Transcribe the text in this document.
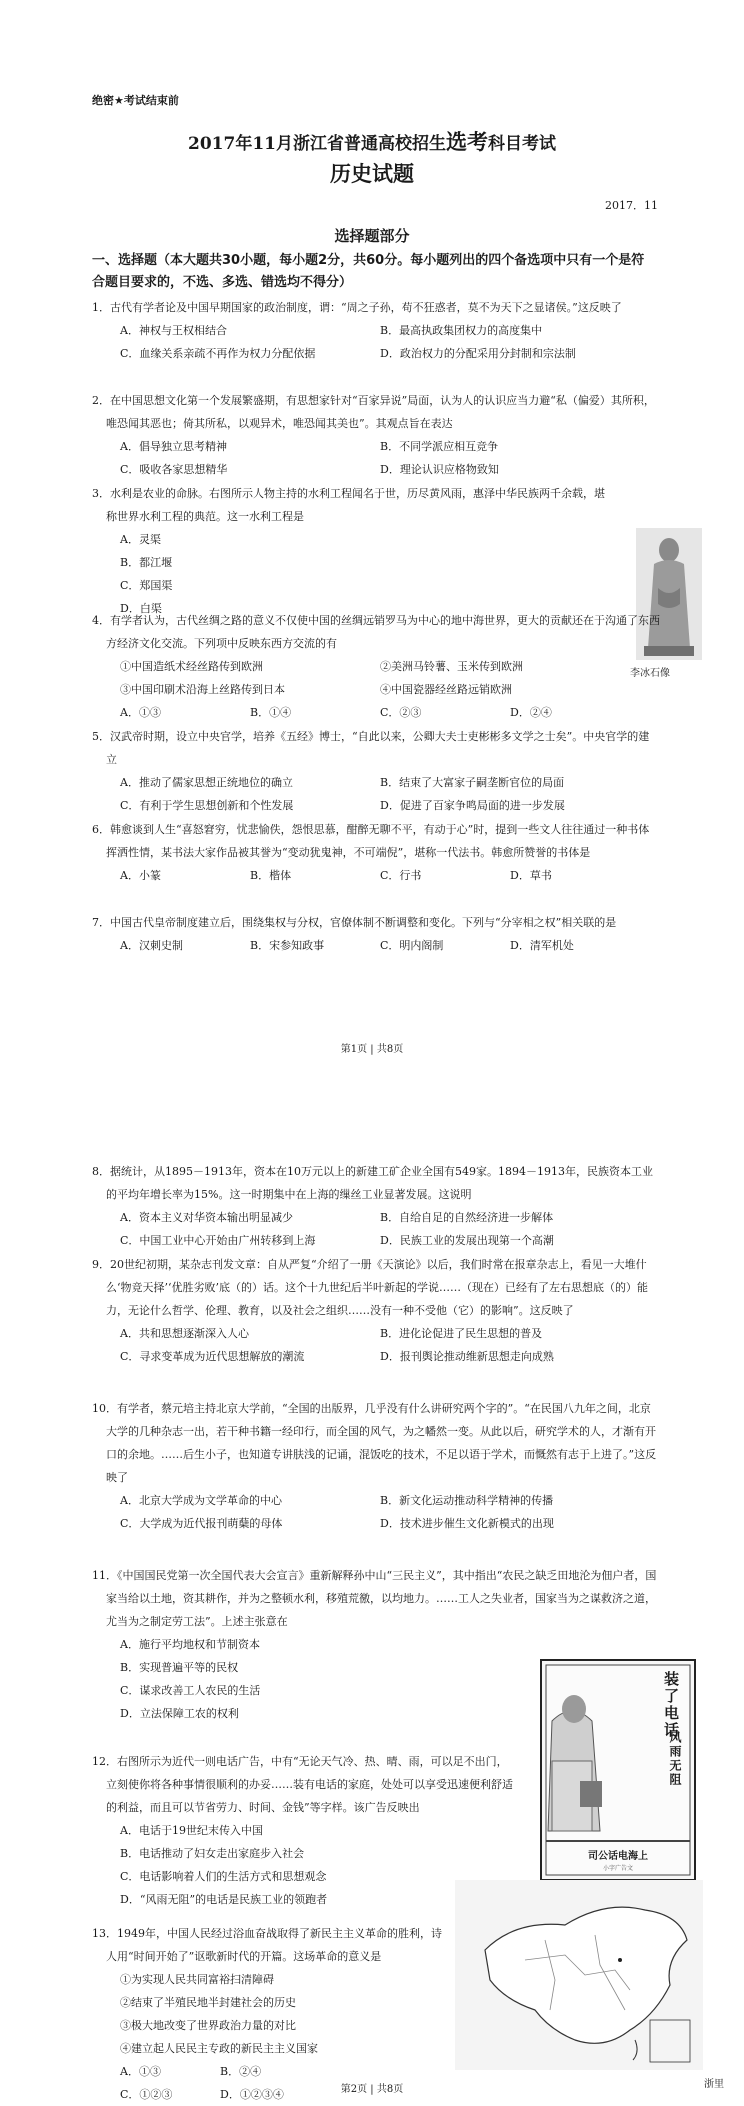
绝密★考试结束前
2017年11月浙江省普通高校招生选考科目考试
历史试题
2017．11
选择题部分
一、选择题（本大题共30小题，每小题2分，共60分。每小题列出的四个备选项中只有一个是符合题目要求的，不选、多选、错选均不得分）

1．古代有学者论及中国早期国家的政治制度，谓：“周之子孙，苟不狂惑者，莫不为天下之显诸侯。”这反映了

A．神权与王权相结合	B．最高执政集团权力的高度集中
C．血缘关系亲疏不再作为权力分配依据	D．政治权力的分配采用分封制和宗法制

2．在中国思想文化第一个发展繁盛期，有思想家针对“百家异说”局面，认为人的认识应当力避“私（偏爱）其所积，唯恐闻其恶也；倚其所私，以观异术，唯恐闻其美也”。其观点旨在表达

A．倡导独立思考精神	B．不同学派应相互竞争
C．吸收各家思想精华	D．理论认识应格物致知

3．水利是农业的命脉。右图所示人物主持的水利工程闻名于世，历尽黄风雨，惠泽中华民族两千余载，堪称世界水利工程的典范。这一水利工程是

A．灵渠
B．都江堰
C．郑国渠
D．白渠
李冰石像

4．有学者认为，古代丝绸之路的意义不仅使中国的丝绸远销罗马为中心的地中海世界，更大的贡献还在于沟通了东西方经济文化交流。下列项中反映东西方交流的有

①中国造纸术经丝路传到欧洲	②美洲马铃薯、玉米传到欧洲
③中国印刷术沿海上丝路传到日本	④中国瓷器经丝路远销欧洲
A．①③	B．①④	C．②③	D．②④

5．汉武帝时期，设立中央官学，培养《五经》博士，“自此以来，公卿大夫士吏彬彬多文学之士矣”。中央官学的建立

A．推动了儒家思想正统地位的确立	B．结束了大富家子嗣垄断官位的局面
C．有利于学生思想创新和个性发展	D．促进了百家争鸣局面的进一步发展

6．韩愈谈到人生“喜怒窘穷，忧悲愉佚，怨恨思慕，酣醉无聊不平，有动于心”时，提到一些文人往往通过一种书体挥洒性情，某书法大家作品被其誉为“变动犹鬼神，不可端倪”，堪称一代法书。韩愈所赞誉的书体是

A．小篆	B．楷体	C．行书	D．草书

7．中国古代皇帝制度建立后，围绕集权与分权，官僚体制不断调整和变化。下列与“分宰相之权”相关联的是

A．汉刺史制	B．宋参知政事	C．明内阁制	D．清军机处
第1页 | 共8页

8．据统计，从1895－1913年，资本在10万元以上的新建工矿企业全国有549家。1894－1913年，民族资本工业的平均年增长率为15%。这一时期集中在上海的缫丝工业显著发展。这说明

A．资本主义对华资本输出明显减少	B．自给自足的自然经济进一步解体
C．中国工业中心开始由广州转移到上海	D．民族工业的发展出现第一个高潮

9．20世纪初期，某杂志刊发文章：自从严复“介绍了一册《天演论》以后，我们时常在报章杂志上，看见一大堆什么‘物竞天择’‘优胜劣败’底（的）话。这个十九世纪后半叶新起的学说……（现在）已经有了左右思想底（的）能力，无论什么哲学、伦理、教育，以及社会之组织……没有一种不受他（它）的影响”。这反映了

A．共和思想逐渐深入人心	B．进化论促进了民生思想的普及
C．寻求变革成为近代思想解放的潮流	D．报刊舆论推动维新思想走向成熟

10．有学者，蔡元培主持北京大学前，“全国的出版界，几乎没有什么讲研究两个字的”。“在民国八九年之间，北京大学的几种杂志一出，若干种书籍一经印行，而全国的风气，为之幡然一变。从此以后，研究学术的人，才渐有开口的余地。……后生小子，也知道专讲肤浅的记诵，混饭吃的技术，不足以语于学术，而慨然有志于上进了。”这反映了

A．北京大学成为文学革命的中心	B．新文化运动推动科学精神的传播
C．大学成为近代报刊萌蘖的母体	D．技术进步催生文化新模式的出现

11．《中国国民党第一次全国代表大会宣言》重新解释孙中山“三民主义”，其中指出“农民之缺乏田地沦为佃户者，国家当给以土地，资其耕作，并为之整顿水利，移殖荒徼，以均地力。……工人之失业者，国家当为之谋救济之道，尤当为之制定劳工法”。上述主张意在

A．施行平均地权和节制资本
B．实现普遍平等的民权
C．谋求改善工人农民的生活
D．立法保障工农的权利

12．右图所示为近代一则电话广告，中有“无论天气冷、热、晴、雨，可以足不出门，立刻使你将各种事情很顺利的办妥……装有电话的家庭，处处可以享受迅速便利舒适的利益，而且可以节省劳力、时间、金钱”等字样。该广告反映出

A．电话于19世纪末传入中国
B．电话推动了妇女走出家庭步入社会
C．电话影响着人们的生活方式和思想观念
D．“风雨无阻”的电话是民族工业的领跑者

13．1949年，中国人民经过浴血奋战取得了新民主主义革命的胜利，诗人用“时间开始了”讴歌新时代的开篇。这场革命的意义是

①为实现人民共同富裕扫清障碍
②结束了半殖民地半封建社会的历史
③极大地改变了世界政治力量的对比
④建立起人民民主专政的新民主主义国家
A．①③	B．②④
C．①②③	D．①②③④	第2页 | 共8页	浙里
装了电话
风雨无阻
司公话电海上
小字广告文
